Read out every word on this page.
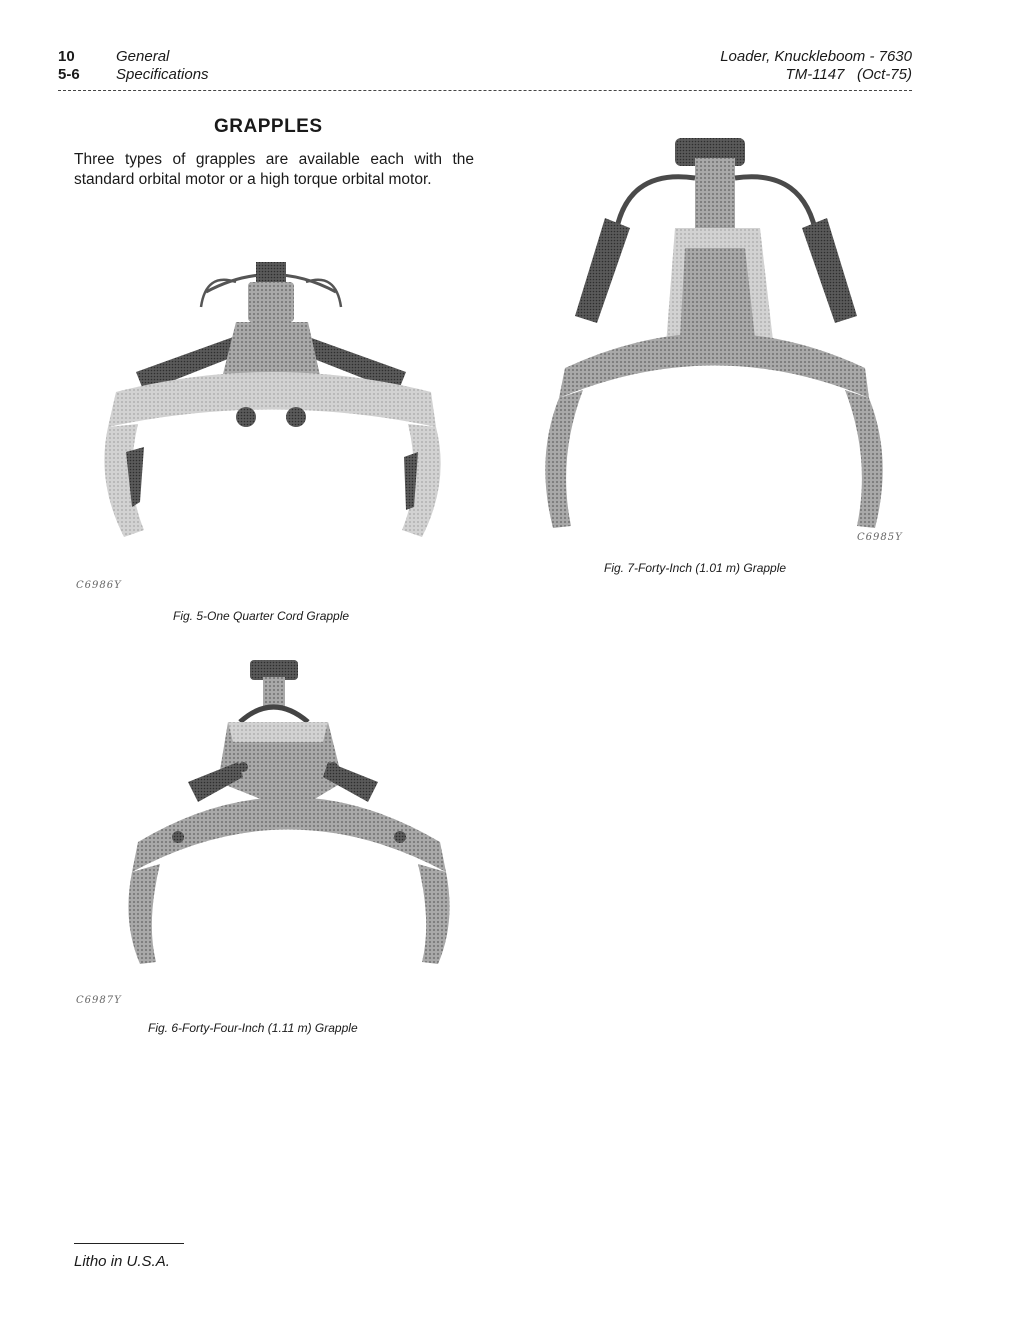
10	General
5-6 Specifications
Loader, Knuckleboom - 7630
TM-1147 (Oct-75)
GRAPPLES
Three types of grapples are available each with the standard orbital motor or a high torque orbital motor.
C6986Y
Fig. 5-One Quarter Cord Grapple
C6985Y
Fig. 7-Forty-Inch (1.01 m) Grapple
C6987Y
Fig. 6-Forty-Four-Inch (1.11 m) Grapple
Litho in U.S.A.
